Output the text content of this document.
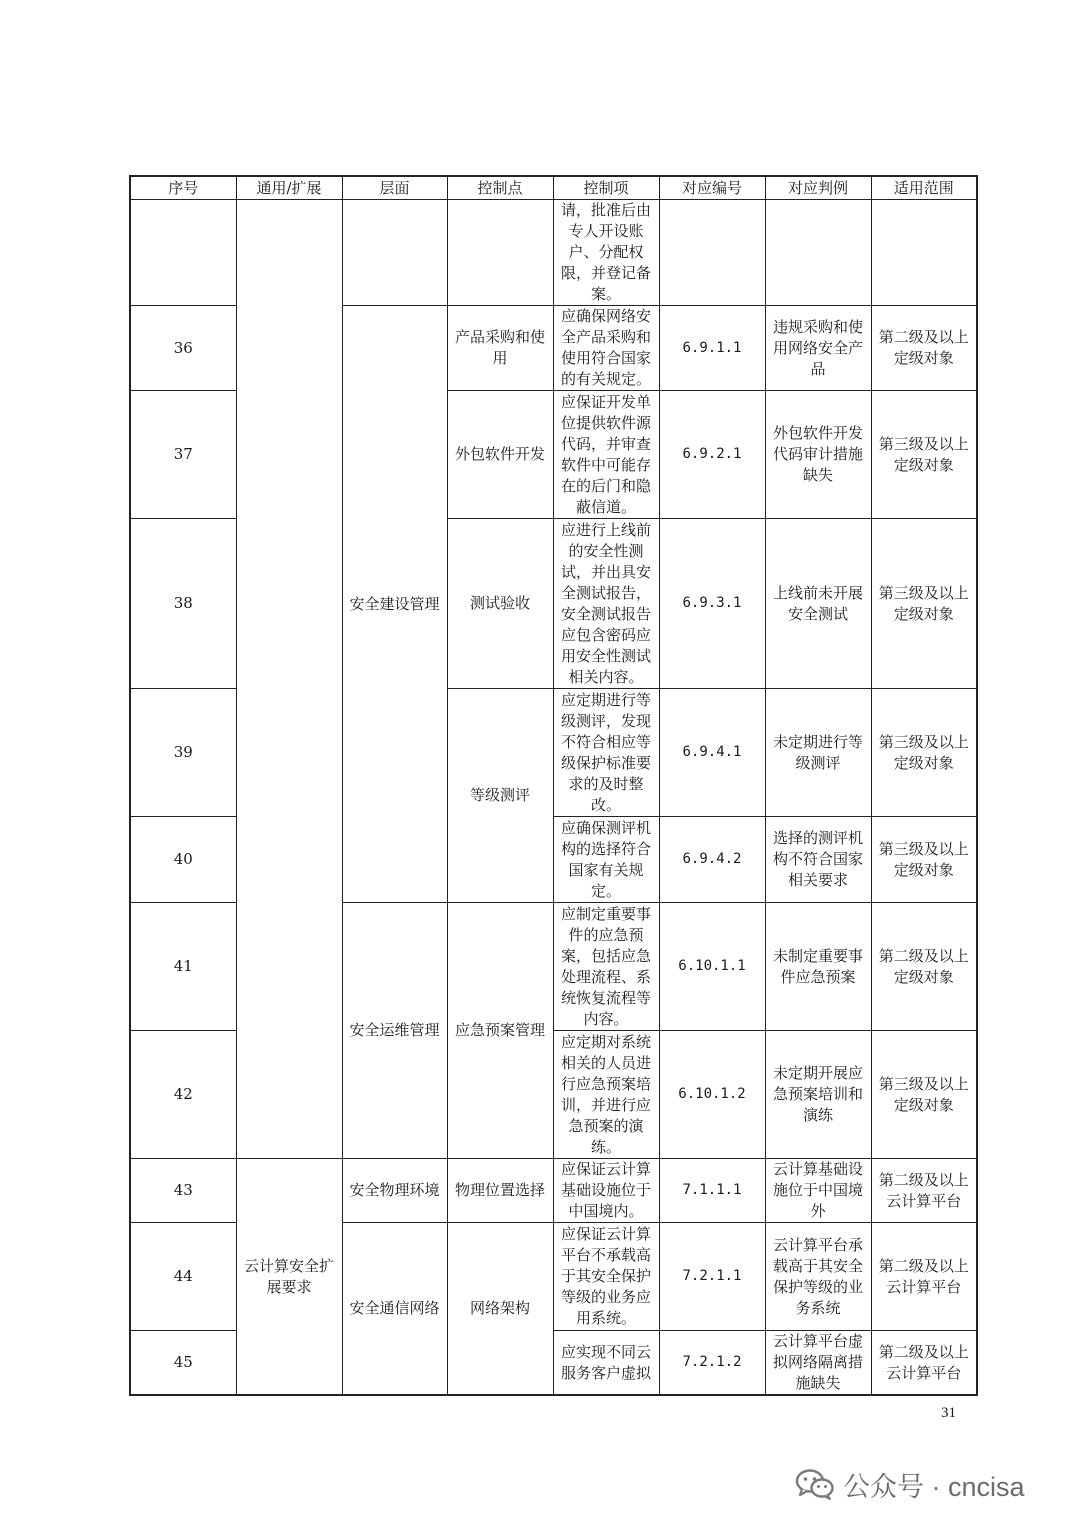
序号	通用/扩展	层面	控制点	控制项	对应编号	对应判例	适用范围
				请，批准后由专人开设账户、分配权限，并登记备案。			
36		安全建设管理	产品采购和使用	应确保网络安全产品采购和使用符合国家的有关规定。	6.9.1.1	违规采购和使用网络安全产品	第二级及以上定级对象
37			外包软件开发	应保证开发单位提供软件源代码，并审查软件中可能存在的后门和隐蔽信道。	6.9.2.1	外包软件开发代码审计措施缺失	第三级及以上定级对象
38			测试验收	应进行上线前的安全性测试，并出具安全测试报告，安全测试报告应包含密码应用安全性测试相关内容。	6.9.3.1	上线前未开展安全测试	第三级及以上定级对象
39			等级测评	应定期进行等级测评，发现不符合相应等级保护标准要求的及时整改。	6.9.4.1	未定期进行等级测评	第三级及以上定级对象
40				应确保测评机构的选择符合国家有关规定。	6.9.4.2	选择的测评机构不符合国家相关要求	第三级及以上定级对象
41		安全运维管理	应急预案管理	应制定重要事件的应急预案，包括应急处理流程、系统恢复流程等内容。	6.10.1.1	未制定重要事件应急预案	第二级及以上定级对象
42				应定期对系统相关的人员进行应急预案培训，并进行应急预案的演练。	6.10.1.2	未定期开展应急预案培训和演练	第三级及以上定级对象
43	云计算安全扩展要求	安全物理环境	物理位置选择	应保证云计算基础设施位于中国境内。	7.1.1.1	云计算基础设施位于中国境外	第二级及以上云计算平台
44		安全通信网络	网络架构	应保证云计算平台不承载高于其安全保护等级的业务应用系统。	7.2.1.1	云计算平台承载高于其安全保护等级的业务系统	第二级及以上云计算平台
45				应实现不同云服务客户虚拟	7.2.1.2	云计算平台虚拟网络隔离措施缺失	第二级及以上云计算平台
31
公众号 · cncisa
